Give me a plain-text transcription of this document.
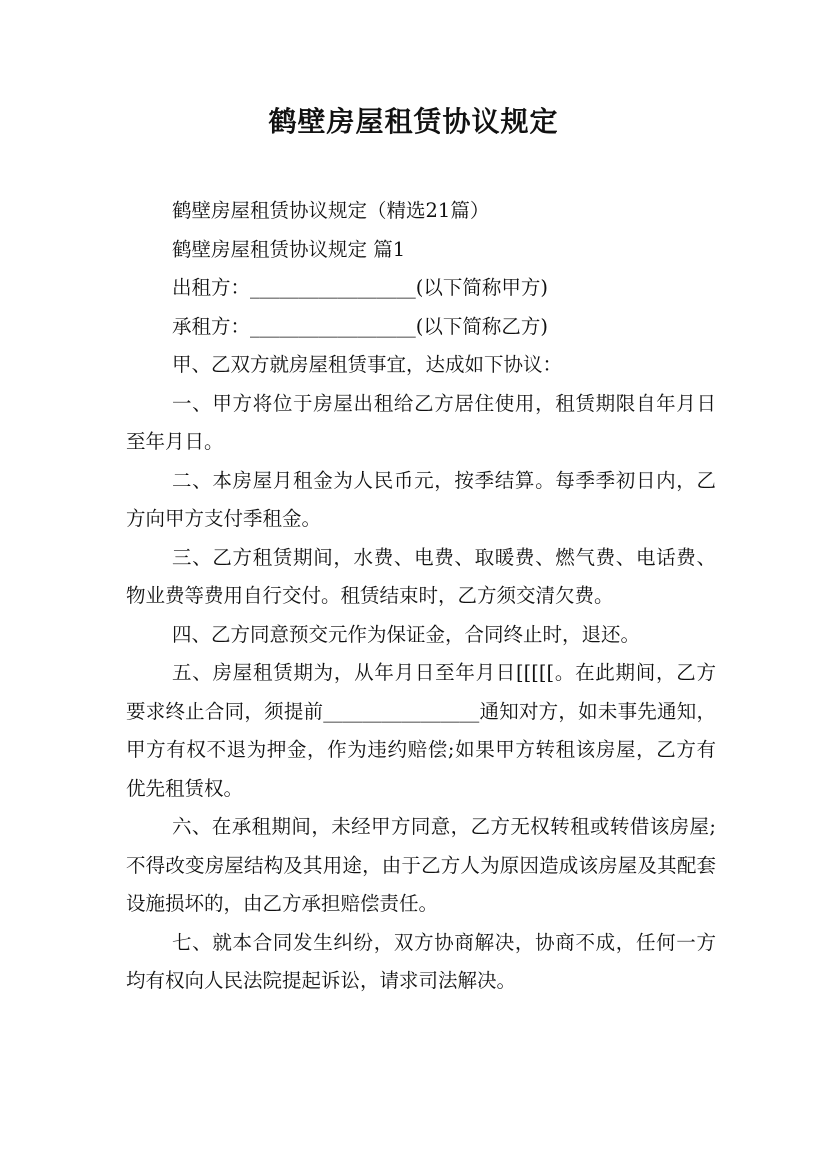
鹤壁房屋租赁协议规定

鹤壁房屋租赁协议规定（精选21篇）

鹤壁房屋租赁协议规定 篇1

出租方：_________________(以下简称甲方)

承租方：_________________(以下简称乙方)

甲、乙双方就房屋租赁事宜，达成如下协议：

一、甲方将位于房屋出租给乙方居住使用，租赁期限自年月日至年月日。

二、本房屋月租金为人民币元，按季结算。每季季初日内，乙方向甲方支付季租金。

三、乙方租赁期间，水费、电费、取暖费、燃气费、电话费、物业费等费用自行交付。租赁结束时，乙方须交清欠费。

四、乙方同意预交元作为保证金，合同终止时，退还。

五、房屋租赁期为，从年月日至年月日[[[[[。在此期间，乙方要求终止合同，须提前________________通知对方，如未事先通知，甲方有权不退为押金，作为违约赔偿;如果甲方转租该房屋，乙方有优先租赁权。

六、在承租期间，未经甲方同意，乙方无权转租或转借该房屋;不得改变房屋结构及其用途，由于乙方人为原因造成该房屋及其配套设施损坏的，由乙方承担赔偿责任。

七、就本合同发生纠纷，双方协商解决，协商不成，任何一方均有权向人民法院提起诉讼，请求司法解决。
